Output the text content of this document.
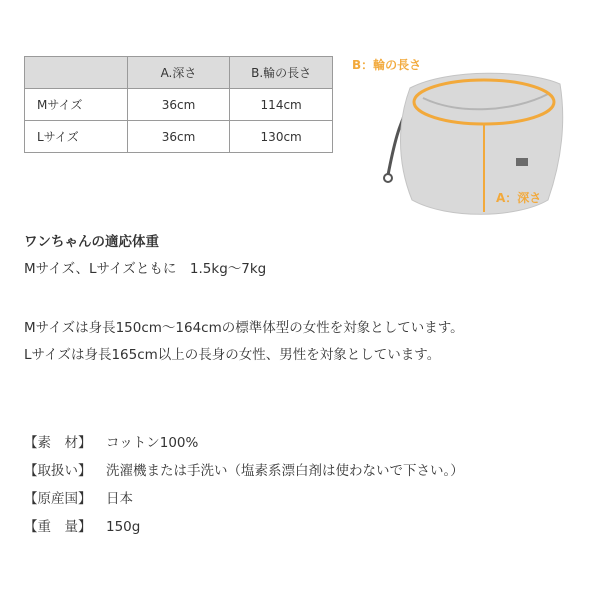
	A.深さ	B.輪の長さ
Mサイズ	36cm	114cm
Lサイズ	36cm	130cm
B：輪の長さ
A：深さ
ワンちゃんの適応体重
Mサイズ、Lサイズともに　1.5kg～7kg
Mサイズは身長150cm～164cmの標準体型の女性を対象としています。
Lサイズは身長165cm以上の長身の女性、男性を対象としています。
【素　材】 コットン100%
【取扱い】 洗濯機または手洗い（塩素系漂白剤は使わないで下さい。）
【原産国】 日本
【重　量】 150g
